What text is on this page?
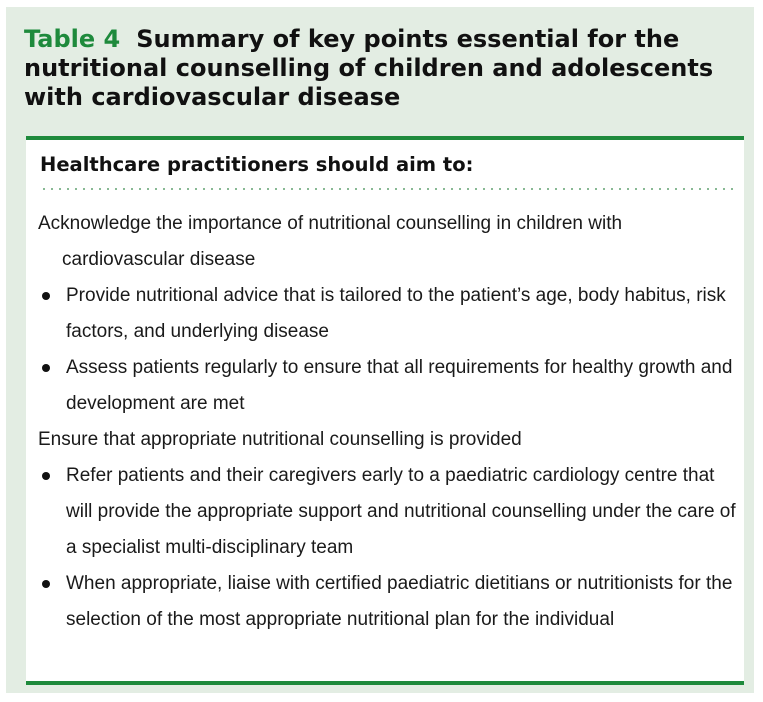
Table 4 Summary of key points essential for the nutritional counselling of children and adolescents with cardiovascular disease
Healthcare practitioners should aim to:
Acknowledge the importance of nutritional counselling in children with cardiovascular disease
Provide nutritional advice that is tailored to the patient’s age, body habitus, risk factors, and underlying disease
Assess patients regularly to ensure that all requirements for healthy growth and development are met
Ensure that appropriate nutritional counselling is provided
Refer patients and their caregivers early to a paediatric cardiology centre that will provide the appropriate support and nutritional counselling under the care of a specialist multi-disciplinary team
When appropriate, liaise with certified paediatric dietitians or nutritionists for the selection of the most appropriate nutritional plan for the individual
